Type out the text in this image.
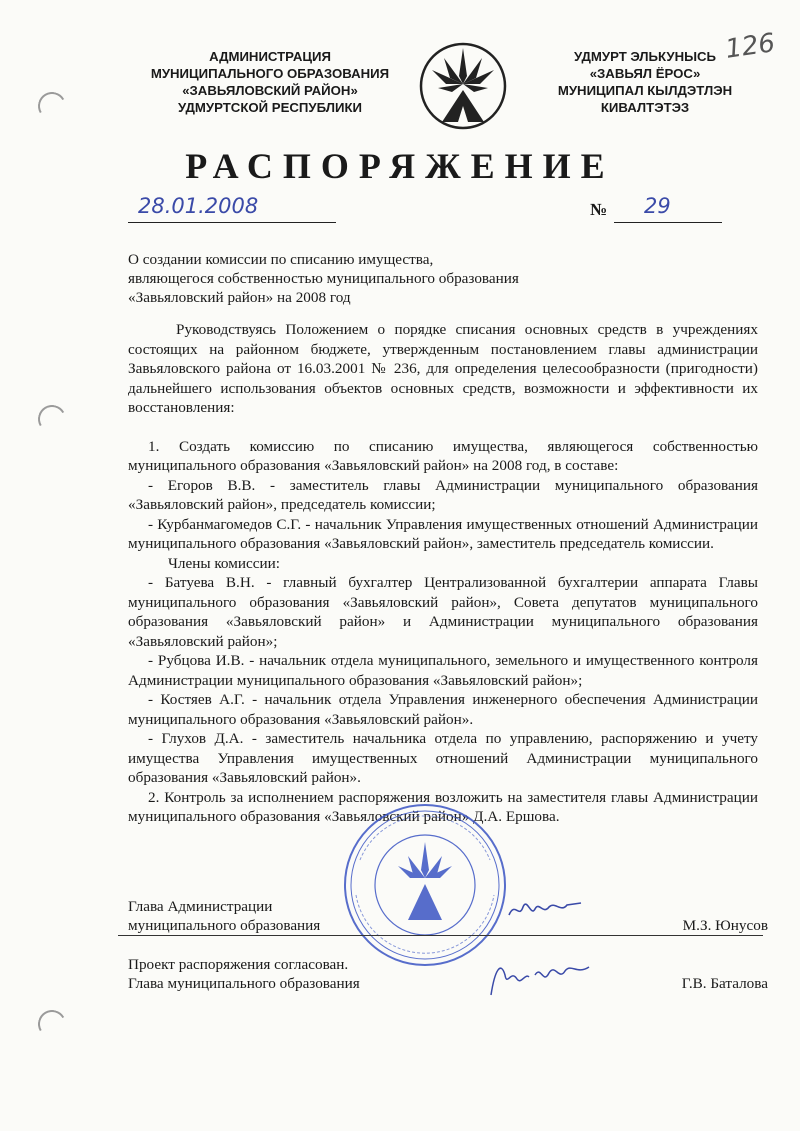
126
АДМИНИСТРАЦИЯ
МУНИЦИПАЛЬНОГО ОБРАЗОВАНИЯ
«ЗАВЬЯЛОВСКИЙ РАЙОН»
УДМУРТСКОЙ РЕСПУБЛИКИ
УДМУРТ ЭЛЬКУНЫСЬ
«ЗАВЬЯЛ ЁРОС»
МУНИЦИПАЛ КЫЛДЭТЛЭН
КИВАЛТЭТЭЗ
РАСПОРЯЖЕНИЕ
28.01.2008	№ 29
О создании комиссии по списанию имущества,
являющегося собственностью муниципального образования
«Завьяловский район» на 2008 год

Руководствуясь Положением о порядке списания основных средств в учреждениях состоящих на районном бюджете, утвержденным постановлением главы администрации Завьяловского района от 16.03.2001 № 236, для определения целесообразности (пригодности) дальнейшего использования объектов основных средств, возможности и эффективности их восстановления:

1. Создать комиссию по списанию имущества, являющегося собственностью муниципального образования «Завьяловский район» на 2008 год, в составе:

- Егоров В.В. - заместитель главы Администрации муниципального образования «Завьяловский район», председатель комиссии;

- Курбанмагомедов С.Г. - начальник Управления имущественных отношений Администрации муниципального образования «Завьяловский район», заместитель председатель комиссии.

Члены комиссии:

- Батуева В.Н. - главный бухгалтер Централизованной бухгалтерии аппарата Главы муниципального образования «Завьяловский район», Совета депутатов муниципального образования «Завьяловский район» и Администрации муниципального образования «Завьяловский район»;

- Рубцова И.В. - начальник отдела муниципального, земельного и имущественного контроля Администрации муниципального образования «Завьяловский район»;

- Костяев А.Г. - начальник отдела Управления инженерного обеспечения Администрации муниципального образования «Завьяловский район».

- Глухов Д.А. - заместитель начальника отдела по управлению, распоряжению и учету имущества Управления имущественных отношений Администрации муниципального образования «Завьяловский район».

2. Контроль за исполнением распоряжения возложить на заместителя главы Администрации муниципального образования «Завьяловский район» Д.А. Ершова.

Глава Администрации
муниципального образования	М.З. Юнусов
Проект распоряжения согласован.
Глава муниципального образования	Г.В. Баталова
